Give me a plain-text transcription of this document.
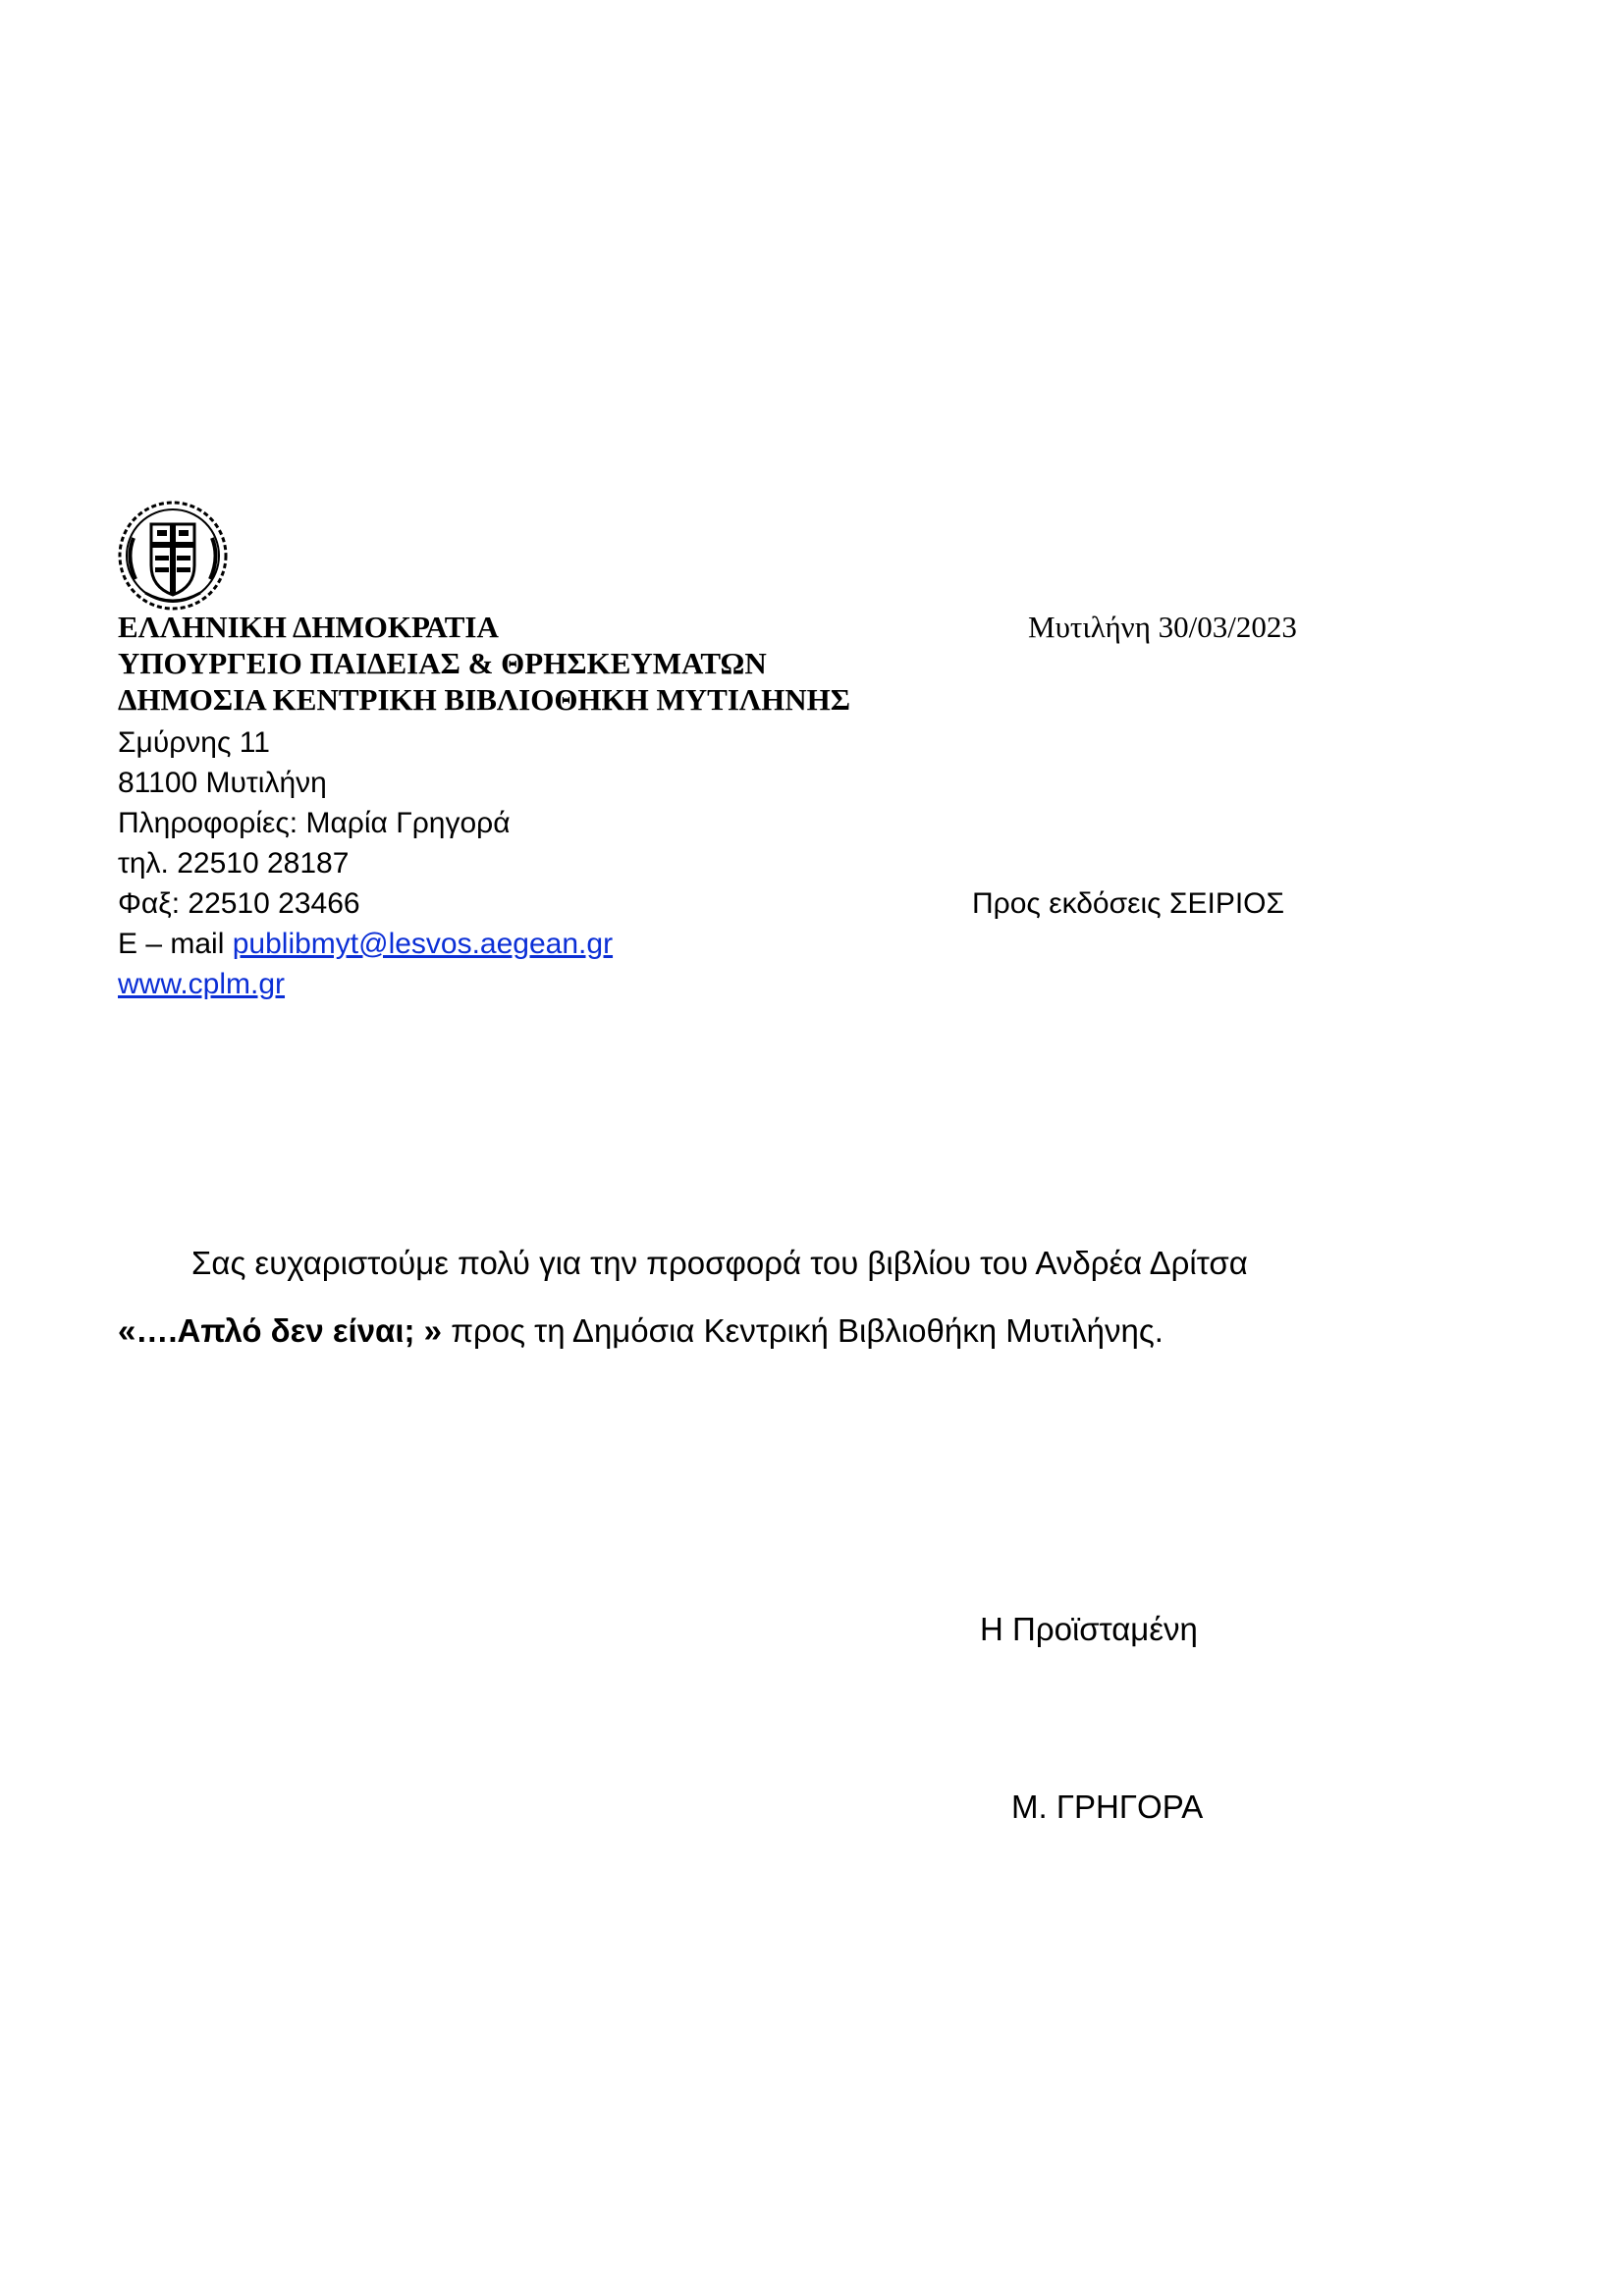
ΕΛΛΗΝΙΚΗ ΔΗΜΟΚΡΑΤΙΑ
ΥΠΟΥΡΓΕΙΟ ΠΑΙΔΕΙΑΣ & ΘΡΗΣΚΕΥΜΑΤΩΝ
ΔΗΜΟΣΙΑ ΚΕΝΤΡΙΚΗ ΒΙΒΛΙΟΘΗΚΗ ΜΥΤΙΛΗΝΗΣ
Μυτιλήνη 30/03/2023
Σμύρνης 11
81100 Μυτιλήνη
Πληροφορίες: Μαρία Γρηγορά
τηλ. 22510 28187
Φαξ: 22510 23466
E – mail publibmyt@lesvos.aegean.gr
www.cplm.gr
Προς εκδόσεις ΣΕΙΡΙΟΣ
Σας ευχαριστούμε πολύ για την προσφορά του βιβλίου του Ανδρέα Δρίτσα
«….Απλό δεν είναι; » προς τη Δημόσια Κεντρική Βιβλιοθήκη Μυτιλήνης.
Η Προϊσταμένη
Μ. ΓΡΗΓΟΡΑ
